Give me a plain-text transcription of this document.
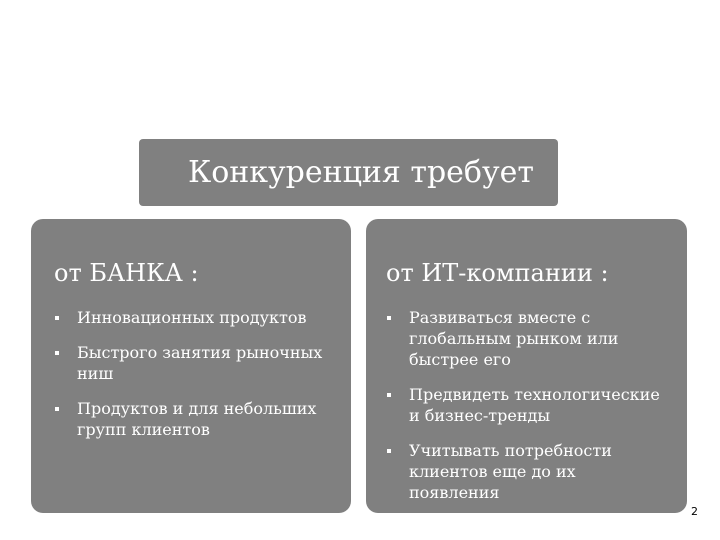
Конкуренция требует
от БАНКА :
Инновационных продуктов
Быстрого занятия рыночных ниш
Продуктов и для небольших групп клиентов
от ИТ-компании :
Развиваться вместе с глобальным рынком или быстрее его
Предвидеть технологические и бизнес-тренды
Учитывать потребности клиентов еще до их появления
2
